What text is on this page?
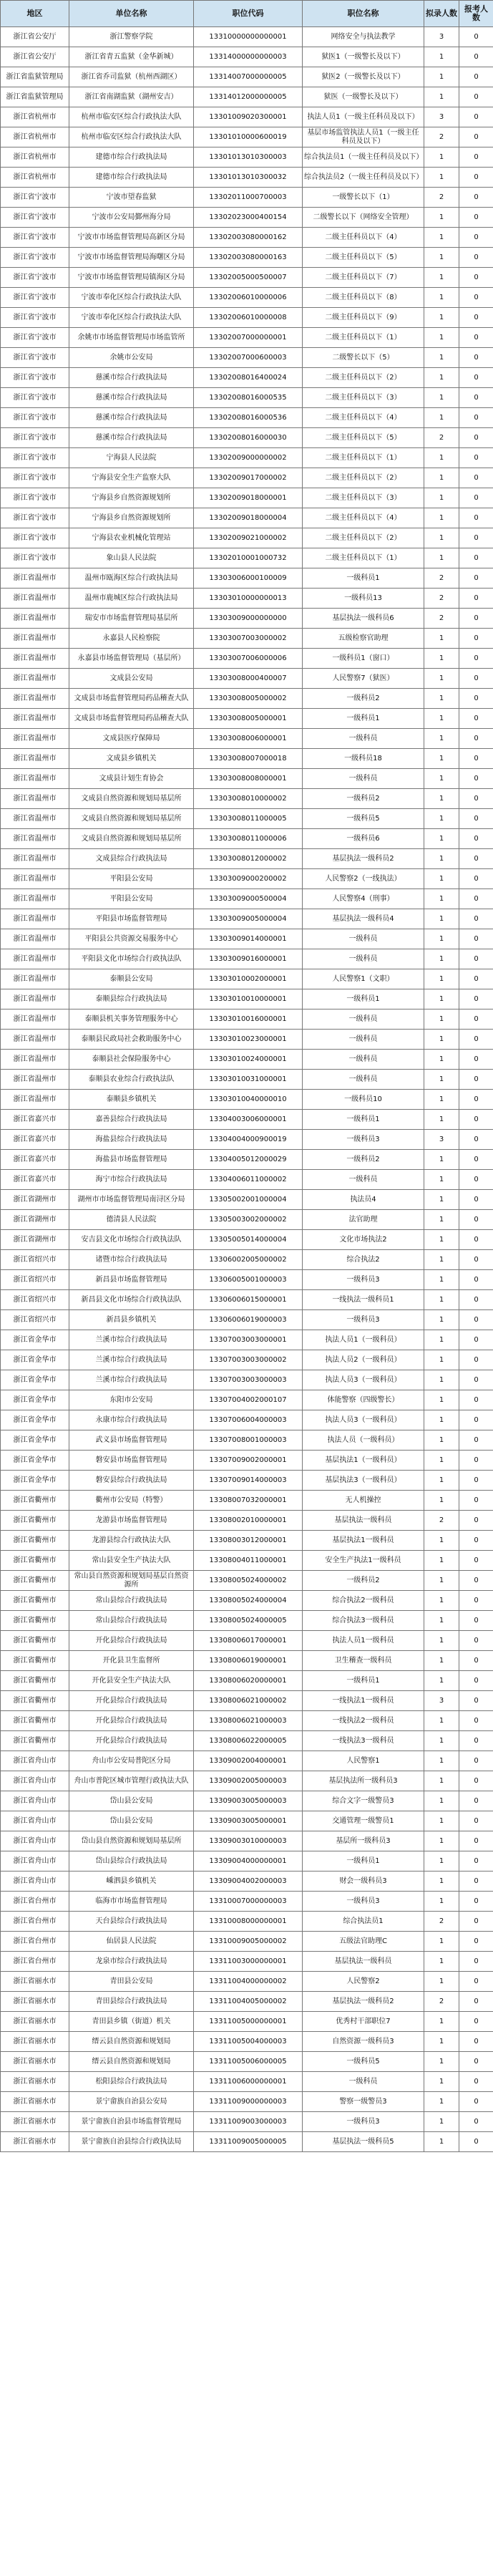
地区	单位名称	职位代码	职位名称	拟录人数	报考人数
浙江省公安厅	浙江警察学院	13310000000000001	网络安全与执法教学	3	0
浙江省公安厅	浙江省青五监狱（金华新城）	13314000000000003	狱医1（一级警长及以下）	1	0
浙江省监狱管理局	浙江省乔司监狱（杭州西湖区）	13314007000000005	狱医2（一级警长及以下）	1	0
浙江省监狱管理局	浙江省南湖监狱（湖州安吉）	13314012000000005	狱医（一级警长及以下）	1	0
浙江省杭州市	杭州市临安区综合行政执法大队	13301009020300001	执法人员1（一级主任科员及以下）	3	0
浙江省杭州市	杭州市临安区综合行政执法大队	13301010000600019	基层市场监管执法人员1（一级主任科员及以下）	2	0
浙江省杭州市	建德市综合行政执法局	13301013010300003	综合执法员1（一级主任科员及以下）	1	0
浙江省杭州市	建德市综合行政执法局	13301013010300032	综合执法员2（一级主任科员及以下）	1	0
浙江省宁波市	宁波市望春监狱	13302011000700003	一级警长以下（1）	2	0
浙江省宁波市	宁波市公安局鄞州海分局	13302023000400154	二级警长以下（网络安全管理）	1	0
浙江省宁波市	宁波市市场监督管理局高新区分局	13302003080000162	二级主任科员以下（4）	1	0
浙江省宁波市	宁波市市场监督管理局海曙区分局	13302003080000163	二级主任科员以下（5）	1	0
浙江省宁波市	宁波市市场监督管理局镇海区分局	13302005000500007	二级主任科员以下（7）	1	0
浙江省宁波市	宁波市奉化区综合行政执法大队	13302006010000006	二级主任科员以下（8）	1	0
浙江省宁波市	宁波市奉化区综合行政执法大队	13302006010000008	二级主任科员以下（9）	1	0
浙江省宁波市	余姚市市场监督管理局市场监管所	13302007000000001	二级主任科员以下（1）	1	0
浙江省宁波市	余姚市公安局	13302007000600003	二级警长以下（5）	1	0
浙江省宁波市	慈溪市综合行政执法局	13302008016400024	二级主任科员以下（2）	1	0
浙江省宁波市	慈溪市综合行政执法局	13302008016000535	二级主任科员以下（3）	1	0
浙江省宁波市	慈溪市综合行政执法局	13302008016000536	二级主任科员以下（4）	1	0
浙江省宁波市	慈溪市综合行政执法局	13302008016000030	二级主任科员以下（5）	2	0
浙江省宁波市	宁海县人民法院	13302009000000002	二级主任科员以下（1）	1	0
浙江省宁波市	宁海县安全生产监察大队	13302009017000002	二级主任科员以下（2）	1	0
浙江省宁波市	宁海县乡自然资源规划所	13302009018000001	二级主任科员以下（3）	1	0
浙江省宁波市	宁海县乡自然资源规划所	13302009018000004	二级主任科员以下（4）	1	0
浙江省宁波市	宁海县农业机械化管理站	13302009021000002	二级主任科员以下（2）	1	0
浙江省宁波市	象山县人民法院	13302010001000732	二级主任科员以下（1）	1	0
浙江省温州市	温州市瓯海区综合行政执法局	13303006000100009	一级科员1	2	0
浙江省温州市	温州市鹿城区综合行政执法局	13303010000000013	一级科员13	2	0
浙江省温州市	瑞安市市场监督管理局基层所	13303009000000000	基层执法一级科员6	2	0
浙江省温州市	永嘉县人民检察院	13303007003000002	五级检察官助理	1	0
浙江省温州市	永嘉县市场监督管理局（基层所）	13303007006000006	一级科员1（窗口）	1	0
浙江省温州市	文成县公安局	13303008000400007	人民警察7（狱医）	1	0
浙江省温州市	文成县市场监督管理局药品稽查大队	13303008005000002	一级科员2	1	0
浙江省温州市	文成县市场监督管理局药品稽查大队	13303008005000001	一级科员1	1	0
浙江省温州市	文成县医疗保障局	13303008006000001	一级科员	1	0
浙江省温州市	文成县乡镇机关	13303008007000018	一级科员18	1	0
浙江省温州市	文成县计划生育协会	13303008008000001	一级科员	1	0
浙江省温州市	文成县自然资源和规划局基层所	13303008010000002	一级科员2	1	0
浙江省温州市	文成县自然资源和规划局基层所	13303008011000005	一级科员5	1	0
浙江省温州市	文成县自然资源和规划局基层所	13303008011000006	一级科员6	1	0
浙江省温州市	文成县综合行政执法局	13303008012000002	基层执法一级科员2	1	0
浙江省温州市	平阳县公安局	13303009000200002	人民警察2（一线执法）	1	0
浙江省温州市	平阳县公安局	13303009000500004	人民警察4（刑事）	1	0
浙江省温州市	平阳县市场监督管理局	13303009005000004	基层执法一级科员4	1	0
浙江省温州市	平阳县公共资源交易服务中心	13303009014000001	一级科员	1	0
浙江省温州市	平阳县文化市场综合行政执法队	13303009016000001	一级科员	1	0
浙江省温州市	泰顺县公安局	13303010002000001	人民警察1（文职）	1	0
浙江省温州市	泰顺县综合行政执法局	13303010010000001	一级科员1	1	0
浙江省温州市	泰顺县机关事务管理服务中心	13303010016000001	一级科员	1	0
浙江省温州市	泰顺县民政局社会救助服务中心	13303010023000001	一级科员	1	0
浙江省温州市	泰顺县社会保险服务中心	13303010024000001	一级科员	1	0
浙江省温州市	泰顺县农业综合行政执法队	13303010031000001	一级科员	1	0
浙江省温州市	泰顺县乡镇机关	13303010040000010	一级科员10	1	0
浙江省嘉兴市	嘉善县综合行政执法局	13304003006000001	一级科员1	1	0
浙江省嘉兴市	海盐县综合行政执法局	13304004000900019	一级科员3	3	0
浙江省嘉兴市	海盐县市场监督管理局	13304005012000029	一级科员2	1	0
浙江省嘉兴市	海宁市综合行政执法局	13304006011000002	一级科员	1	0
浙江省湖州市	湖州市市场监督管理局南浔区分局	13305002001000004	执法员4	1	0
浙江省湖州市	德清县人民法院	13305003002000002	法官助理	1	0
浙江省湖州市	安吉县文化市场综合行政执法队	13305005014000004	文化市场执法2	1	0
浙江省绍兴市	诸暨市综合行政执法局	13306002005000002	综合执法2	1	0
浙江省绍兴市	新昌县市场监督管理局	13306005001000003	一级科员3	1	0
浙江省绍兴市	新昌县文化市场综合行政执法队	13306006015000001	一线执法一级科员1	1	0
浙江省绍兴市	新昌县乡镇机关	13306006019000003	一级科员3	1	0
浙江省金华市	兰溪市综合行政执法局	13307003003000001	执法人员1（一级科员）	1	0
浙江省金华市	兰溪市综合行政执法局	13307003003000002	执法人员2（一级科员）	1	0
浙江省金华市	兰溪市综合行政执法局	13307003003000003	执法人员3（一级科员）	1	0
浙江省金华市	东阳市公安局	13307004002000107	体能警察（四级警长）	1	0
浙江省金华市	永康市综合行政执法局	13307006004000003	执法人员3（一级科员）	1	0
浙江省金华市	武义县市场监督管理局	13307008001000003	执法人员（一级科员）	1	0
浙江省金华市	磐安县市场监督管理局	13307009002000001	基层执法1（一级科员）	1	0
浙江省金华市	磐安县综合行政执法局	13307009014000003	基层执法3（一级科员）	1	0
浙江省衢州市	衢州市公安局（特警）	13308007032000001	无人机操控	1	0
浙江省衢州市	龙游县市场监督管理局	13308002010000001	基层执法一级科员	2	0
浙江省衢州市	龙游县综合行政执法大队	13308003012000001	基层执法1一级科员	1	0
浙江省衢州市	常山县安全生产执法大队	13308004011000001	安全生产执法1一级科员	1	0
浙江省衢州市	常山县自然资源和规划局基层自然资源所	13308005024000002	一级科员2	1	0
浙江省衢州市	常山县综合行政执法局	13308005024000004	综合执法2一级科员	1	0
浙江省衢州市	常山县综合行政执法局	13308005024000005	综合执法3一级科员	1	0
浙江省衢州市	开化县综合行政执法局	13308006017000001	执法人员1一级科员	1	0
浙江省衢州市	开化县卫生监督所	13308006019000001	卫生稽查一级科员	1	0
浙江省衢州市	开化县安全生产执法大队	13308006020000001	一级科员1	1	0
浙江省衢州市	开化县综合行政执法局	13308006021000002	一线执法1一级科员	3	0
浙江省衢州市	开化县综合行政执法局	13308006021000003	一线执法2一级科员	1	0
浙江省衢州市	开化县综合行政执法局	13308006022000005	一线执法3一级科员	1	0
浙江省舟山市	舟山市公安局普陀区分局	13309002004000001	人民警察1	1	0
浙江省舟山市	舟山市普陀区城市管理行政执法大队	13309002005000003	基层执法所一级科员3	1	0
浙江省舟山市	岱山县公安局	13309003005000003	综合文字一级警员3	1	0
浙江省舟山市	岱山县公安局	13309003005000001	交通管理一级警员1	1	0
浙江省舟山市	岱山县自然资源和规划局基层所	13309003010000003	基层所一级科员3	1	0
浙江省舟山市	岱山县综合行政执法局	13309004000000001	一级科员1	1	0
浙江省舟山市	嵊泗县乡镇机关	13309004002000003	财会一级科员3	1	0
浙江省台州市	临海市市场监督管理局	13310007000000003	一级科员3	1	0
浙江省台州市	天台县综合行政执法局	13310008000000001	综合执法员1	2	0
浙江省台州市	仙居县人民法院	13310009005000002	五级法官助理C	1	0
浙江省台州市	龙泉市综合行政执法局	13311003000000001	基层执法一级科员	1	0
浙江省丽水市	青田县公安局	13311004000000002	人民警察2	1	0
浙江省丽水市	青田县综合行政执法局	13311004005000002	基层执法一级科员2	2	0
浙江省丽水市	青田县乡镇（街道）机关	13311005000000001	优秀村干部职位7	1	0
浙江省丽水市	缙云县自然资源和规划局	13311005004000003	自然资源一级科员3	1	0
浙江省丽水市	缙云县自然资源和规划局	13311005006000005	一级科员5	1	0
浙江省丽水市	松阳县综合行政执法局	13311006000000001	一级科员	1	0
浙江省丽水市	景宁畲族自治县公安局	13311009000000003	警察一级警员3	1	0
浙江省丽水市	景宁畲族自治县市场监督管理局	13311009003000003	一级科员3	1	0
浙江省丽水市	景宁畲族自治县综合行政执法局	13311009005000005	基层执法一级科员5	1	0
